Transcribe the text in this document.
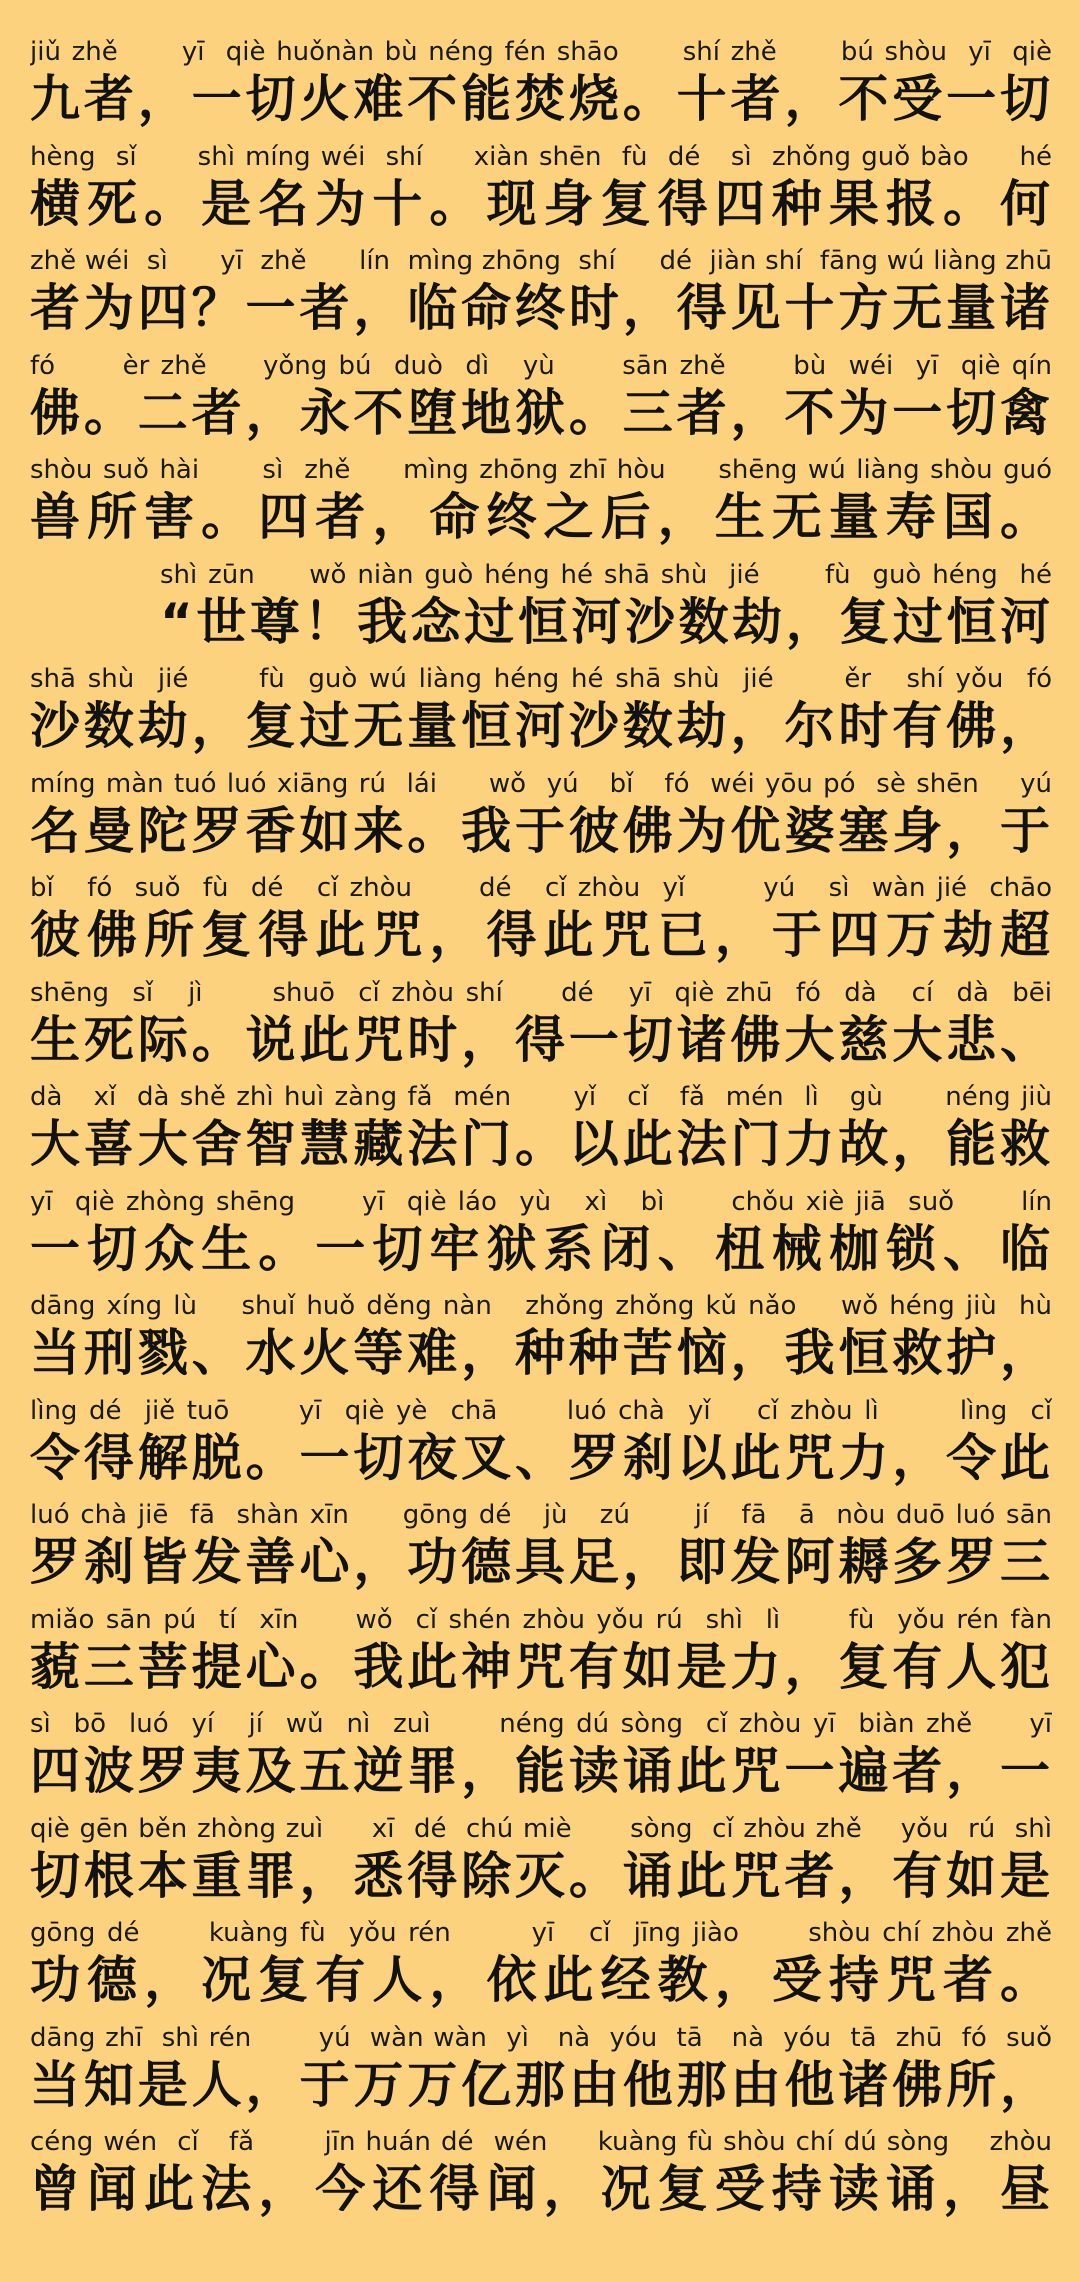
jiǔ zhě      yī  qiè huǒnàn bù néng fén shāo      shí zhě      bú shòu  yī  qiè
九者，一切火难不能焚烧。十者，不受一切
hèng  sǐ      shì míng wéi  shí     xiàn shēn  fù  dé   sì  zhǒng guǒ bào     hé
横死。是名为十。现身复得四种果报。何
zhě wéi  sì      yī  zhě      lín  mìng zhōng  shí     dé  jiàn shí  fāng wú liàng zhū
者为四？一者，临命终时，得见十方无量诸
fó      èr zhě     yǒng bú  duò  dì   yù      sān zhě      bù  wéi  yī  qiè qín
佛。二者，永不堕地狱。三者，不为一切禽
shòu suǒ hài      sì  zhě     mìng zhōng zhī hòu     shēng wú liàng shòu guó
兽所害。四者，命终之后，生无量寿国。
shì zūn     wǒ niàn guò héng hé shā shù  jié      fù  guò héng  hé
“世尊！我念过恒河沙数劫，复过恒河
shā shù  jié      fù  guò wú liàng héng hé shā shù  jié      ěr   shí yǒu  fó
沙数劫，复过无量恒河沙数劫，尔时有佛，
míng màn tuó luó xiāng rú  lái     wǒ  yú   bǐ   fó  wéi yōu pó  sè shēn    yú
名曼陀罗香如来。我于彼佛为优婆塞身，于
bǐ   fó  suǒ  fù  dé   cǐ zhòu      dé   cǐ zhòu  yǐ       yú   sì  wàn jié  chāo
彼佛所复得此咒，得此咒已，于四万劫超
shēng  sǐ   jì      shuō  cǐ zhòu shí     dé   yī  qiè zhū  fó  dà   cí  dà  bēi
生死际。说此咒时，得一切诸佛大慈大悲、
dà   xǐ  dà shě zhì huì zàng fǎ  mén      yǐ   cǐ   fǎ  mén  lì   gù      néng jiù
大喜大舍智慧藏法门。以此法门力故，能救
yī  qiè zhòng shēng      yī  qiè láo  yù   xì   bì      chǒu xiè jiā  suǒ      lín
一切众生。一切牢狱系闭、杻械枷锁、临
dāng xíng lù    shuǐ huǒ děng nàn   zhǒng zhǒng kǔ nǎo    wǒ héng jiù  hù
当刑戮、水火等难，种种苦恼，我恒救护，
lìng dé  jiě tuō      yī  qiè yè  chā      luó chà  yǐ    cǐ zhòu lì       lìng  cǐ
令得解脱。一切夜叉、罗刹以此咒力，令此
luó chà jiē  fā  shàn xīn     gōng dé   jù   zú      jí   fā   ā  nòu duō luó sān
罗刹皆发善心，功德具足，即发阿耨多罗三
miǎo sān pú  tí  xīn     wǒ  cǐ shén zhòu yǒu rú  shì  lì      fù  yǒu rén fàn
藐三菩提心。我此神咒有如是力，复有人犯
sì  bō  luó  yí   jí  wǔ  nì  zuì      néng dú sòng  cǐ zhòu yī  biàn zhě     yī
四波罗夷及五逆罪，能读诵此咒一遍者，一
qiè gēn běn zhòng zuì     xī  dé  chú miè      sòng  cǐ zhòu zhě    yǒu  rú  shì
切根本重罪，悉得除灭。诵此咒者，有如是
gōng dé      kuàng fù  yǒu rén       yī   cǐ  jīng jiào      shòu chí zhòu zhě
功德，况复有人，依此经教，受持咒者。
dāng zhī  shì rén       yú  wàn wàn  yì   nà  yóu  tā   nà  yóu  tā  zhū  fó  suǒ
当知是人，于万万亿那由他那由他诸佛所，
céng wén  cǐ   fǎ       jīn huán dé  wén     kuàng fù shòu chí dú sòng    zhòu
曾闻此法，今还得闻，况复受持读诵，昼
